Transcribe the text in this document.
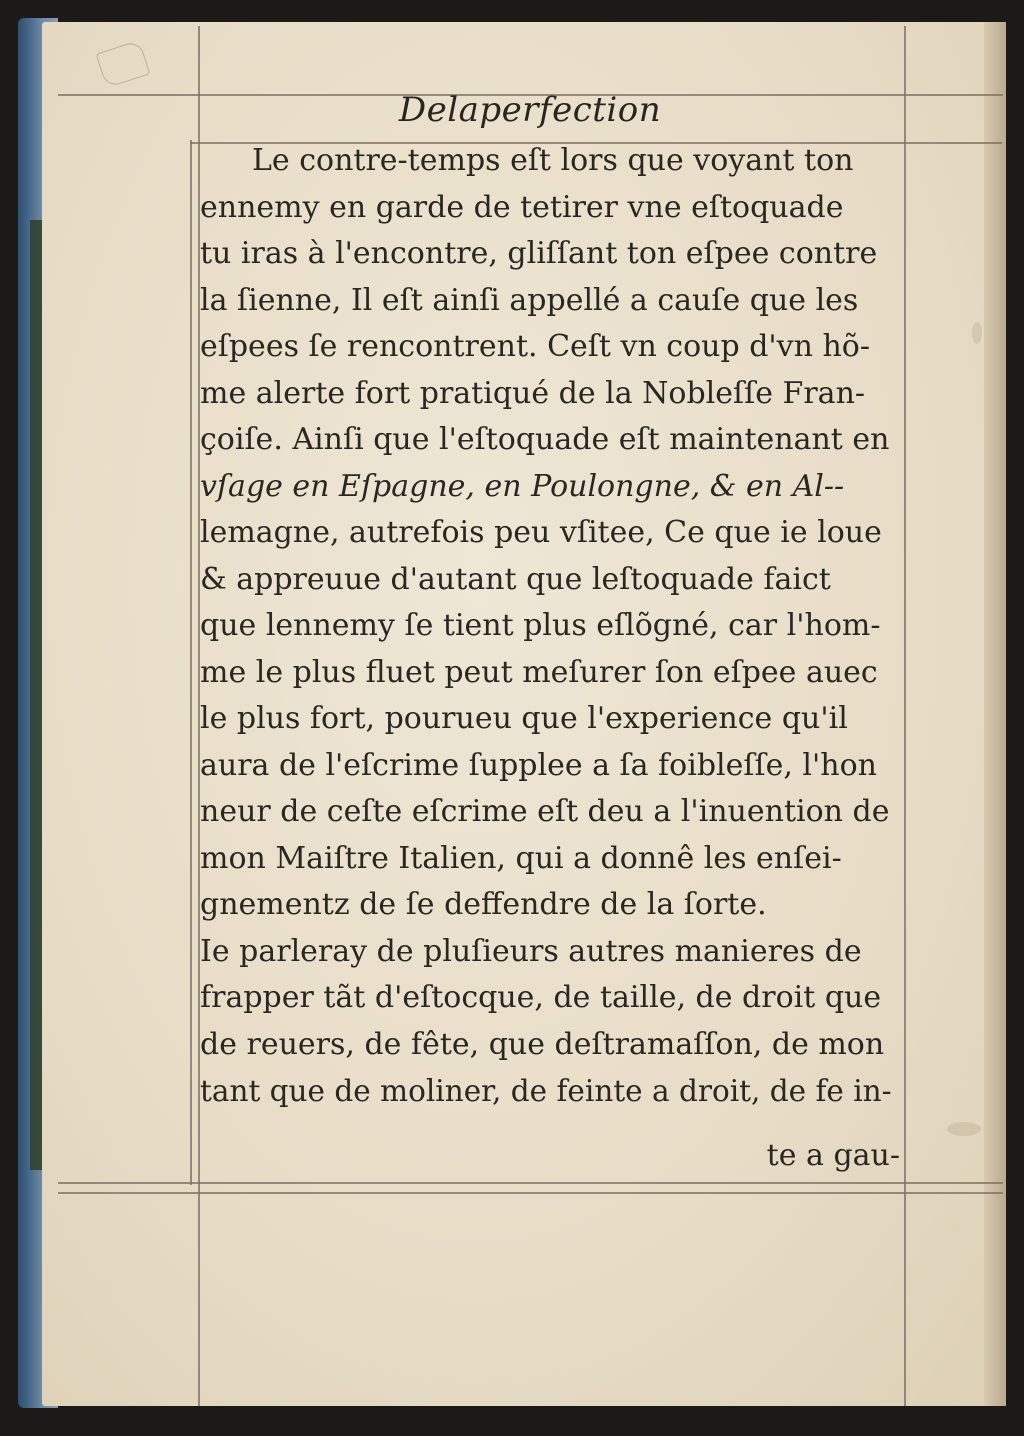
Delaperfection
Le contre-temps eſt lors que voyant ton
ennemy en garde de tetirer vne eſtoquade
tu iras à l'encontre, gliſſant ton eſpee contre
la ſienne, Il eſt ainſi appellé a cauſe que les
eſpees ſe rencontrent. Ceſt vn coup d'vn hõ-
me alerte fort pratiqué de la Nobleſſe Fran-
çoiſe. Ainſi que l'eſtoquade eſt maintenant en
vſage en Eſpagne, en Poulongne, & en Al--
lemagne, autrefois peu vſitee, Ce que ie loue
& appreuue d'autant que leſtoquade faict
que lennemy ſe tient plus eſlõgné, car l'hom-
me le plus fluet peut meſurer ſon eſpee auec
le plus fort, pourueu que l'experience qu'il
aura de l'eſcrime ſupplee a ſa foibleſſe, l'hon
neur de ceſte eſcrime eſt deu a l'inuention de
mon Maiſtre Italien, qui a donnê les enſei-
gnementz de ſe deffendre de la ſorte.
Ie parleray de pluſieurs autres manieres de
frapper tãt d'eſtocque, de taille, de droit que
de reuers, de fête, que deſtramaſſon, de mon
tant que de moliner, de feinte a droit, de fe in-
te a gau-
